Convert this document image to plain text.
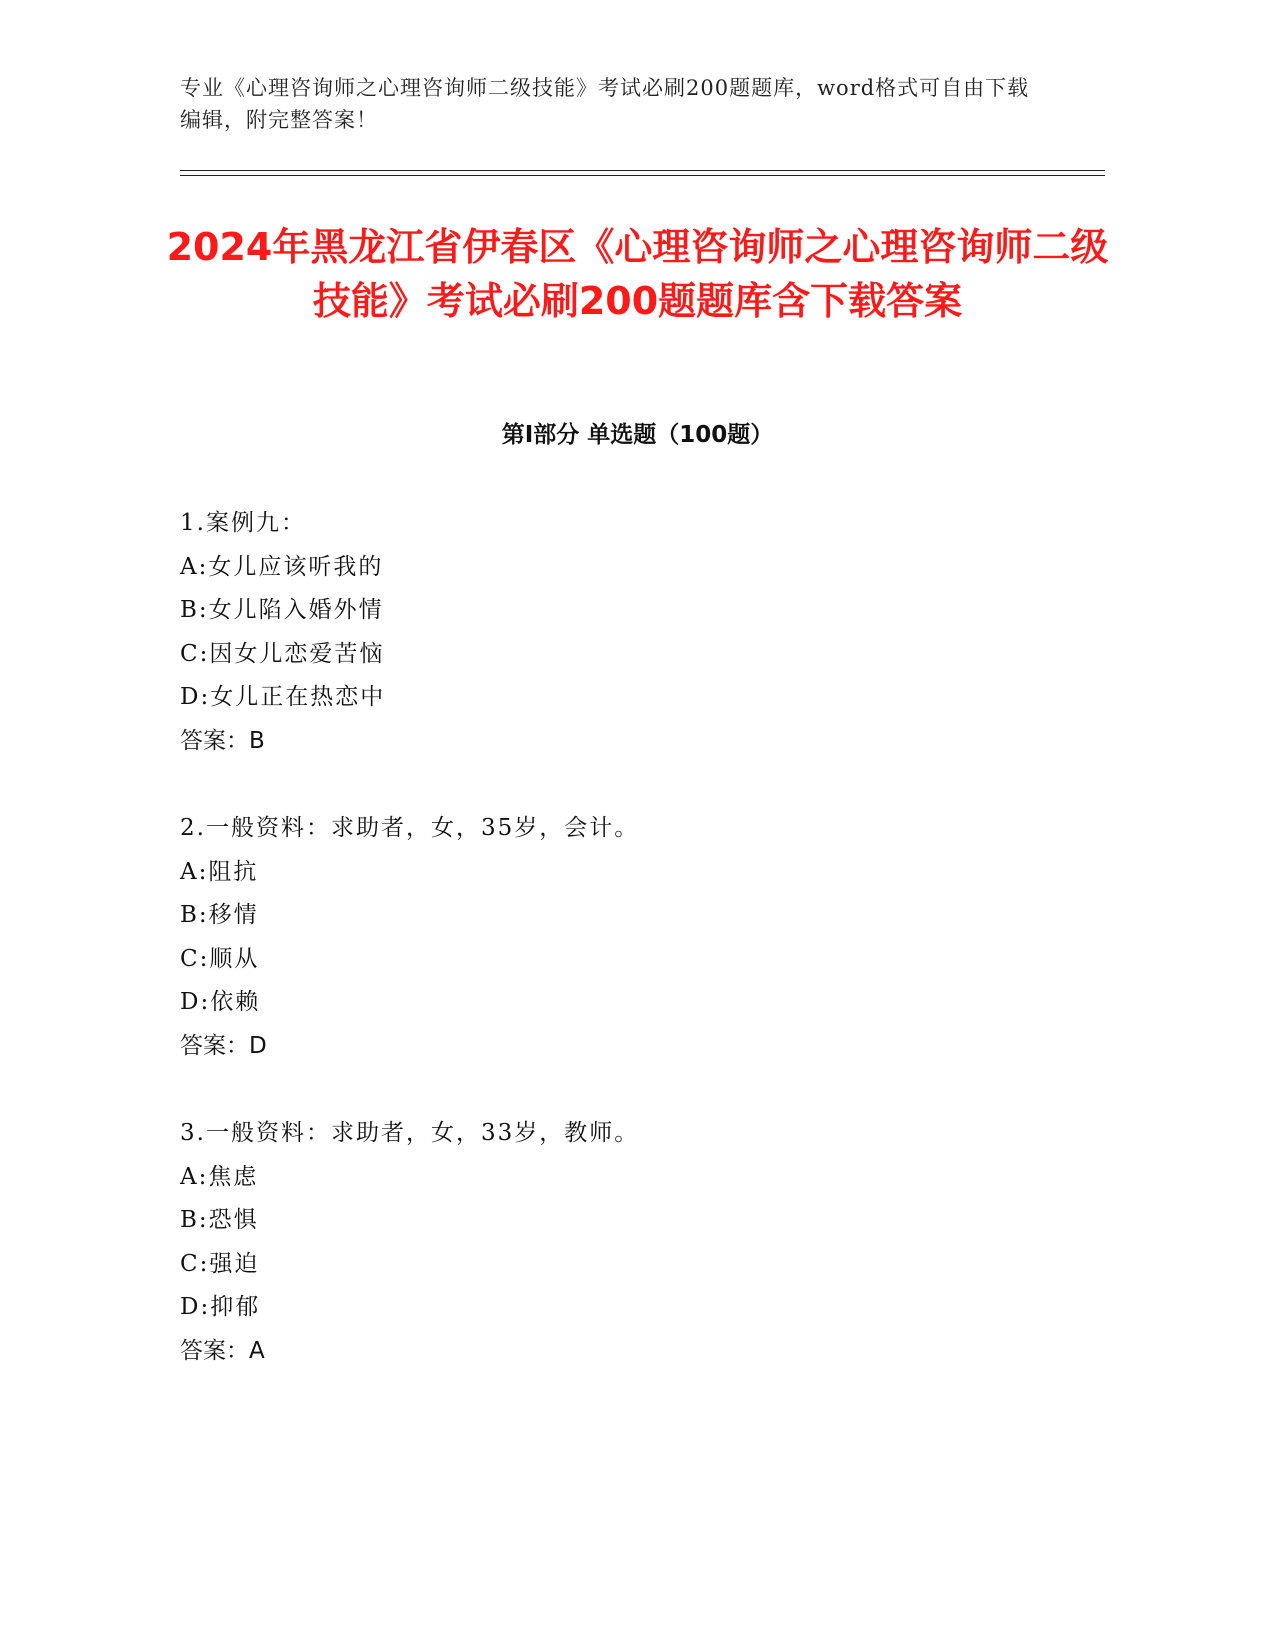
专业《心理咨询师之心理咨询师二级技能》考试必刷200题题库，word格式可自由下载编辑，附完整答案！
2024年黑龙江省伊春区《心理咨询师之心理咨询师二级技能》考试必刷200题题库含下载答案
第I部分 单选题（100题）
1.案例九：
A:女儿应该听我的
B:女儿陷入婚外情
C:因女儿恋爱苦恼
D:女儿正在热恋中
答案：B
2.一般资料：求助者，女，35岁，会计。
A:阻抗
B:移情
C:顺从
D:依赖
答案：D
3.一般资料：求助者，女，33岁，教师。
A:焦虑
B:恐惧
C:强迫
D:抑郁
答案：A
